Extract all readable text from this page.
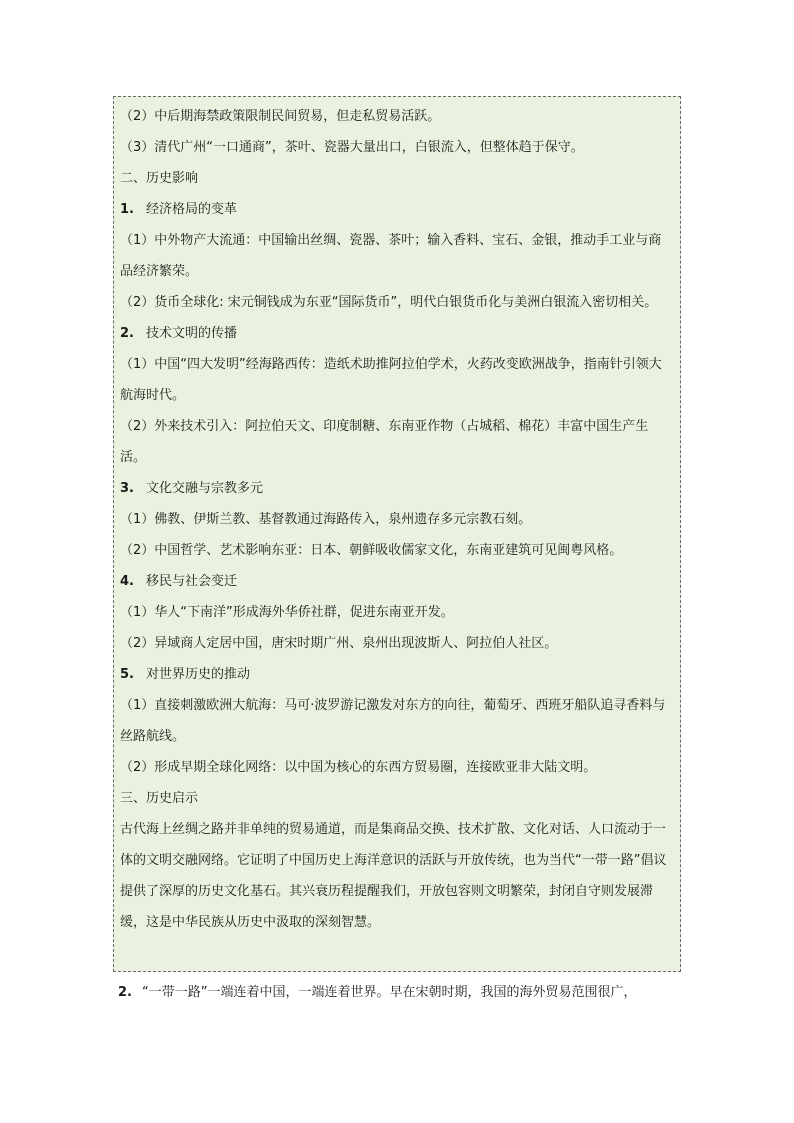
（2）中后期海禁政策限制民间贸易，但走私贸易活跃。

（3）清代广州“一口通商”，茶叶、瓷器大量出口，白银流入，但整体趋于保守。

二、历史影响

1. 经济格局的变革

（1）中外物产大流通：中国输出丝绸、瓷器、茶叶；输入香料、宝石、金银，推动手工业与商品经济繁荣。

（2）货币全球化: 宋元铜钱成为东亚“国际货币”，明代白银货币化与美洲白银流入密切相关。

2. 技术文明的传播

（1）中国“四大发明”经海路西传：造纸术助推阿拉伯学术，火药改变欧洲战争，指南针引领大航海时代。

（2）外来技术引入：阿拉伯天文、印度制糖、东南亚作物（占城稻、棉花）丰富中国生产生活。

3. 文化交融与宗教多元

（1）佛教、伊斯兰教、基督教通过海路传入，泉州遗存多元宗教石刻。

（2）中国哲学、艺术影响东亚：日本、朝鲜吸收儒家文化，东南亚建筑可见闽粤风格。

4. 移民与社会变迁

（1）华人“下南洋”形成海外华侨社群，促进东南亚开发。

（2）异域商人定居中国，唐宋时期广州、泉州出现波斯人、阿拉伯人社区。

5. 对世界历史的推动

（1）直接刺激欧洲大航海：马可·波罗游记激发对东方的向往，葡萄牙、西班牙船队追寻香料与丝路航线。

（2）形成早期全球化网络：以中国为核心的东西方贸易圈，连接欧亚非大陆文明。

三、历史启示

古代海上丝绸之路并非单纯的贸易通道，而是集商品交换、技术扩散、文化对话、人口流动于一体的文明交融网络。它证明了中国历史上海洋意识的活跃与开放传统，也为当代“一带一路”倡议提供了深厚的历史文化基石。其兴衰历程提醒我们，开放包容则文明繁荣，封闭自守则发展滞缓，这是中华民族从历史中汲取的深刻智慧。

2. “一带一路”一端连着中国，一端连着世界。早在宋朝时期，我国的海外贸易范围很广，
